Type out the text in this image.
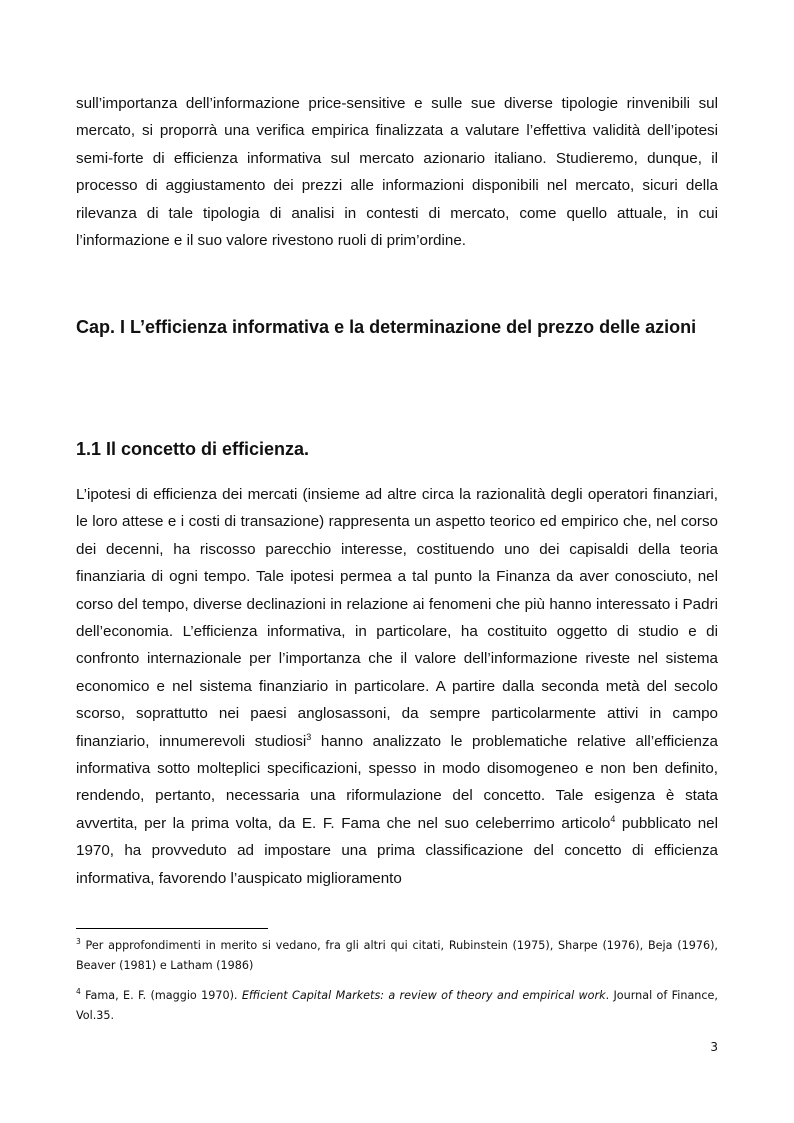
sull’importanza dell’informazione price-sensitive e sulle sue diverse tipologie rinvenibili sul mercato, si proporrà una verifica empirica finalizzata a valutare l’effettiva validità dell’ipotesi semi-forte di efficienza informativa sul mercato azionario italiano. Studieremo, dunque, il processo di aggiustamento dei prezzi alle informazioni disponibili nel mercato, sicuri della rilevanza di tale tipologia di analisi in contesti di mercato, come quello attuale, in cui l’informazione e il suo valore rivestono ruoli di prim’ordine.

Cap. I L’efficienza informativa e la determinazione del prezzo delle azioni
1.1 Il concetto di efficienza.

L’ipotesi di efficienza dei mercati (insieme ad altre circa la razionalità degli operatori finanziari, le loro attese e i costi di transazione) rappresenta un aspetto teorico ed empirico che, nel corso dei decenni, ha riscosso parecchio interesse, costituendo uno dei capisaldi della teoria finanziaria di ogni tempo. Tale ipotesi permea a tal punto la Finanza da aver conosciuto, nel corso del tempo, diverse declinazioni in relazione ai fenomeni che più hanno interessato i Padri dell’economia. L’efficienza informativa, in particolare, ha costituito oggetto di studio e di confronto internazionale per l’importanza che il valore dell’informazione riveste nel sistema economico e nel sistema finanziario in particolare. A partire dalla seconda metà del secolo scorso, soprattutto nei paesi anglosassoni, da sempre particolarmente attivi in campo finanziario, innumerevoli studiosi$^3$ hanno analizzato le problematiche relative all’efficienza informativa sotto molteplici specificazioni, spesso in modo disomogeneo e non ben definito, rendendo, pertanto, necessaria una riformulazione del concetto. Tale esigenza è stata avvertita, per la prima volta, da E. F. Fama che nel suo celeberrimo articolo$^4$ pubblicato nel 1970, ha provveduto ad impostare una prima classificazione del concetto di efficienza informativa, favorendo l’auspicato miglioramento

$^3$ Per approfondimenti in merito si vedano, fra gli altri qui citati, Rubinstein (1975), Sharpe (1976), Beja (1976), Beaver (1981) e Latham (1986)

$^4$ Fama, E. F. (maggio 1970). Efficient Capital Markets: a review of theory and empirical work. Journal of Finance, Vol.35.

3
